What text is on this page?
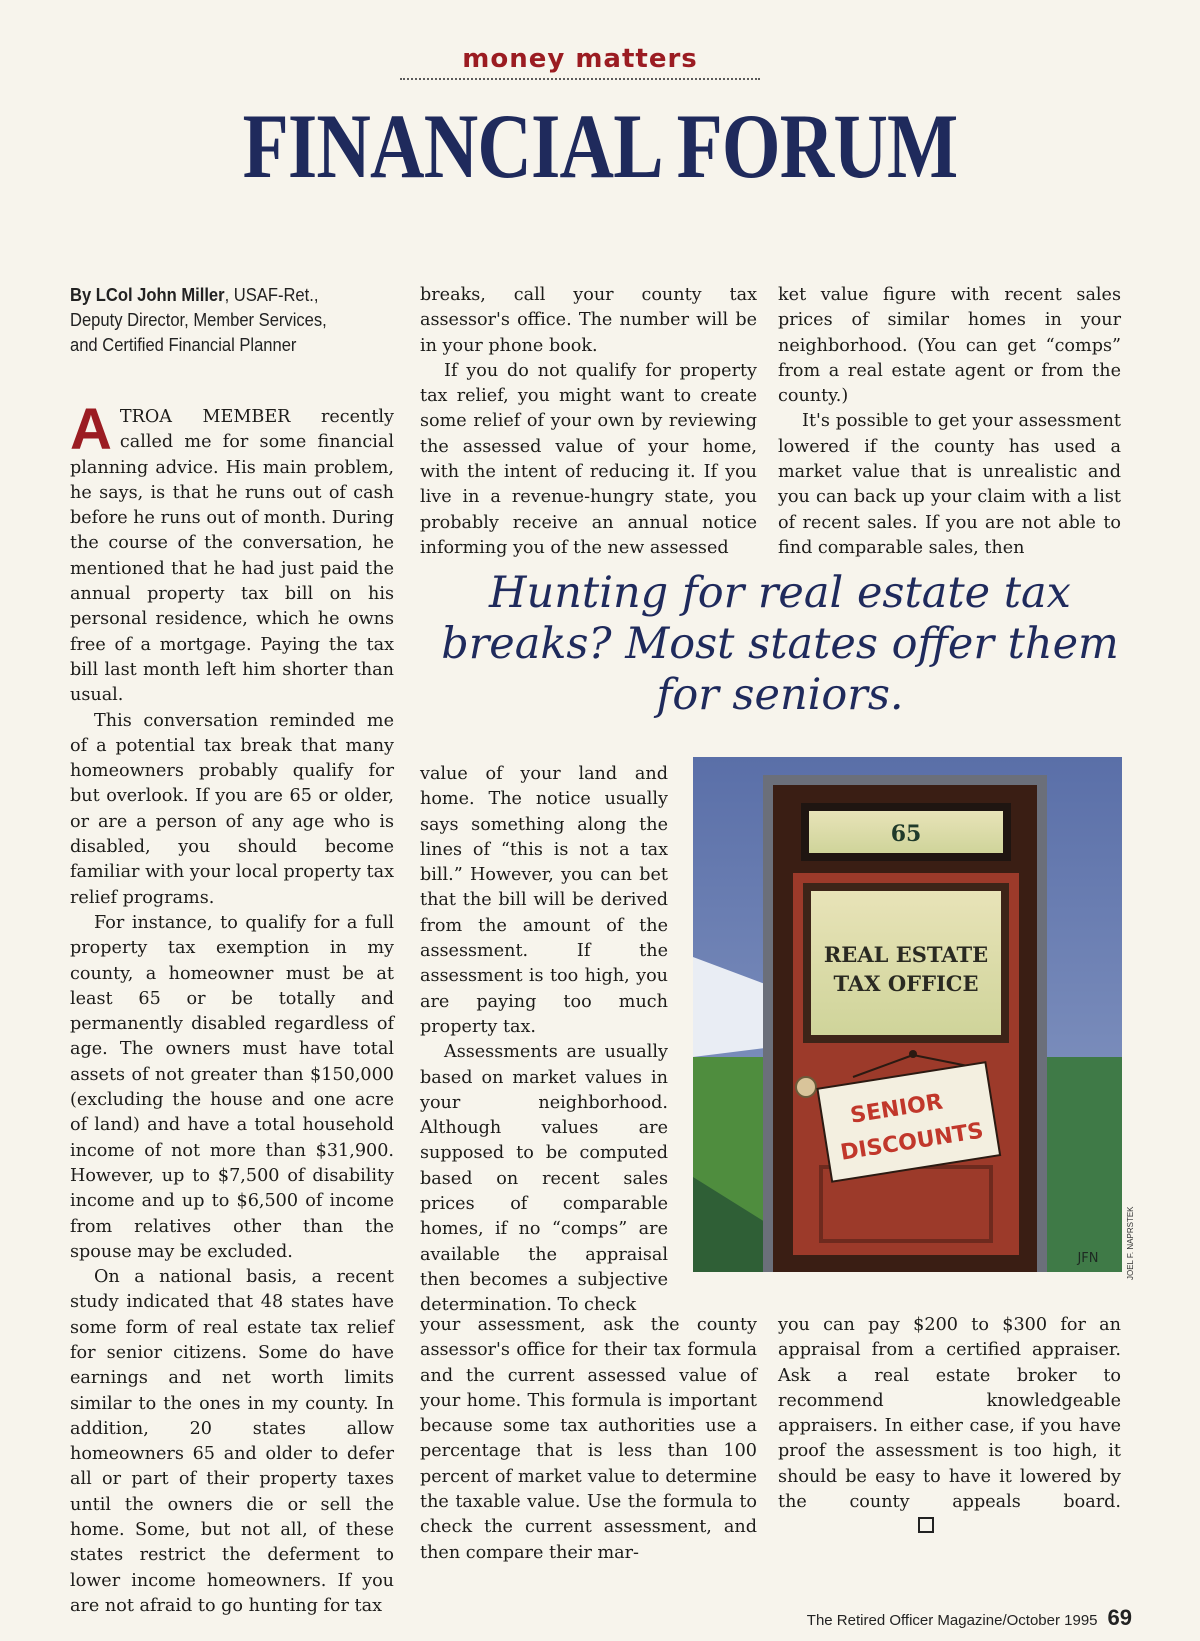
money matters
FINANCIAL FORUM
By LCol John Miller, USAF-Ret., Deputy Director, Member Services, and Certified Financial Planner

ATROA MEMBER recently called me for some financial planning advice. His main problem, he says, is that he runs out of cash before he runs out of month. During the course of the conversation, he mentioned that he had just paid the annual property tax bill on his personal residence, which he owns free of a mortgage. Paying the tax bill last month left him shorter than usual.

This conversation reminded me of a potential tax break that many homeowners probably qualify for but overlook. If you are 65 or older, or are a person of any age who is disabled, you should become familiar with your local property tax relief programs.

For instance, to qualify for a full property tax exemption in my county, a homeowner must be at least 65 or be totally and permanently disabled regardless of age. The owners must have total assets of not greater than $150,000 (excluding the house and one acre of land) and have a total household income of not more than $31,900. However, up to $7,500 of disability income and up to $6,500 of income from relatives other than the spouse may be excluded.

On a national basis, a recent study indicated that 48 states have some form of real estate tax relief for senior citizens. Some do have earnings and net worth limits similar to the ones in my county. In addition, 20 states allow homeowners 65 and older to defer all or part of their property taxes until the owners die or sell the home. Some, but not all, of these states restrict the deferment to lower income homeowners. If you are not afraid to go hunting for tax

breaks, call your county tax assessor's office. The number will be in your phone book.

If you do not qualify for property tax relief, you might want to create some relief of your own by reviewing the assessed value of your home, with the intent of reducing it. If you live in a revenue-hungry state, you probably receive an annual notice informing you of the new assessed

ket value figure with recent sales prices of similar homes in your neighborhood. (You can get “comps” from a real estate agent or from the county.)

It's possible to get your assessment lowered if the county has used a market value that is unrealistic and you can back up your claim with a list of recent sales. If you are not able to find comparable sales, then

Hunting for real estate tax breaks? Most states offer them for seniors.

value of your land and home. The notice usually says something along the lines of “this is not a tax bill.” However, you can bet that the bill will be derived from the amount of the assessment. If the assessment is too high, you are paying too much property tax.

Assessments are usually based on market values in your neighborhood. Although values are supposed to be computed based on recent sales prices of comparable homes, if no “comps” are available the appraisal then becomes a subjective determination. To check

your assessment, ask the county assessor's office for their tax formula and the current assessed value of your home. This formula is important because some tax authorities use a percentage that is less than 100 percent of market value to determine the taxable value. Use the formula to check the current assessment, and then compare their mar-

you can pay $200 to $300 for an appraisal from a certified appraiser. Ask a real estate broker to recommend knowledgeable appraisers. In either case, if you have proof the assessment is too high, it should be easy to have it lowered by the county appeals board.

65
REAL ESTATE
TAX OFFICE
SENIOR
DISCOUNTS
JFN	JOEL F. NAPRSTEK
The Retired Officer Magazine/October 1995 69
